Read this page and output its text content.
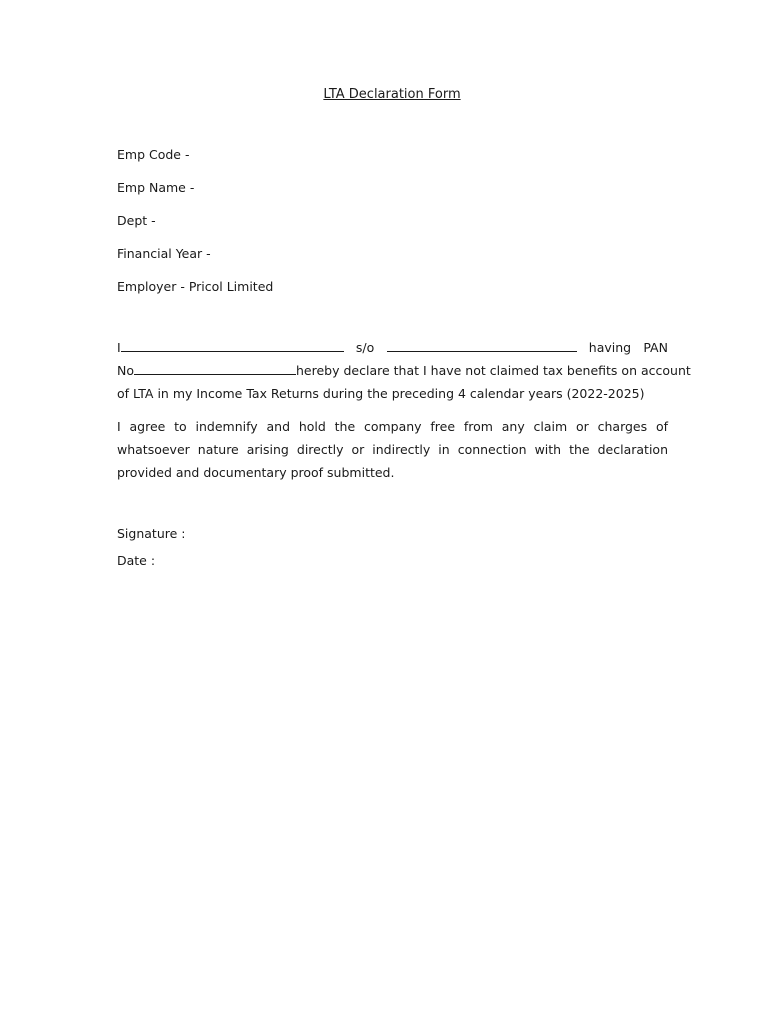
LTA Declaration Form
Emp Code -
Emp Name -
Dept -
Financial Year -
Employer - Pricol Limited
I	s/o	having PAN
No	hereby declare that I have not claimed tax benefits on account
of LTA in my Income Tax Returns during the preceding 4 calendar years (2022-2025)
I agree to indemnify and hold the company free from any claim or charges of whatsoever nature arising directly or indirectly in connection with the declaration provided and documentary proof submitted.
Signature :
Date :
